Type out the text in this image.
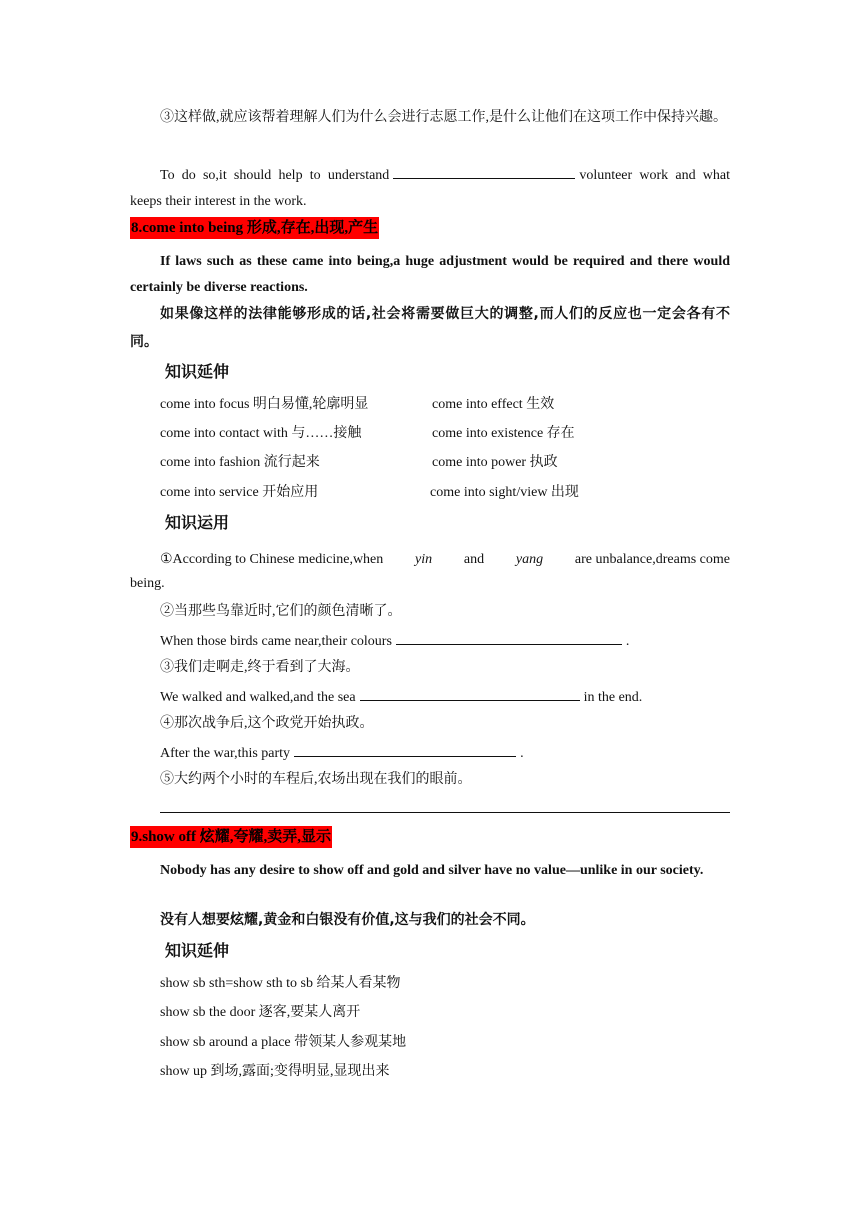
③这样做,就应该帮着理解人们为什么会进行志愿工作,是什么让他们在这项工作中保持兴趣。
To do so,it should help to understand	volunteer work and what keeps their interest in the work.
8.come into being 形成,存在,出现,产生
If laws such as these came into being,a huge adjustment would be required and there would certainly be diverse reactions.
如果像这样的法律能够形成的话,社会将需要做巨大的调整,而人们的反应也一定会各有不同。
知识延伸
come into focus 明白易懂,轮廓明显	come into effect 生效
come into contact with 与……接触	come into existence 存在
come into fashion 流行起来	come into power 执政
come into service 开始应用	come into sight/view 出现
知识运用
①According to Chinese medicine,when yin and yang are unbalance,dreams come
being.
②当那些鸟靠近时,它们的颜色清晰了。
When those birds came near,their colours	.
③我们走啊走,终于看到了大海。
We walked and walked,and the sea	in the end.
④那次战争后,这个政党开始执政。
After the war,this party	.
⑤大约两个小时的车程后,农场出现在我们的眼前。
9.show off 炫耀,夸耀,卖弄,显示
Nobody has any desire to show off and gold and silver have no value—unlike in our society.
没有人想要炫耀,黄金和白银没有价值,这与我们的社会不同。
知识延伸
show sb sth=show sth to sb 给某人看某物
show sb the door 逐客,要某人离开
show sb around a place 带领某人参观某地
show up 到场,露面;变得明显,显现出来
